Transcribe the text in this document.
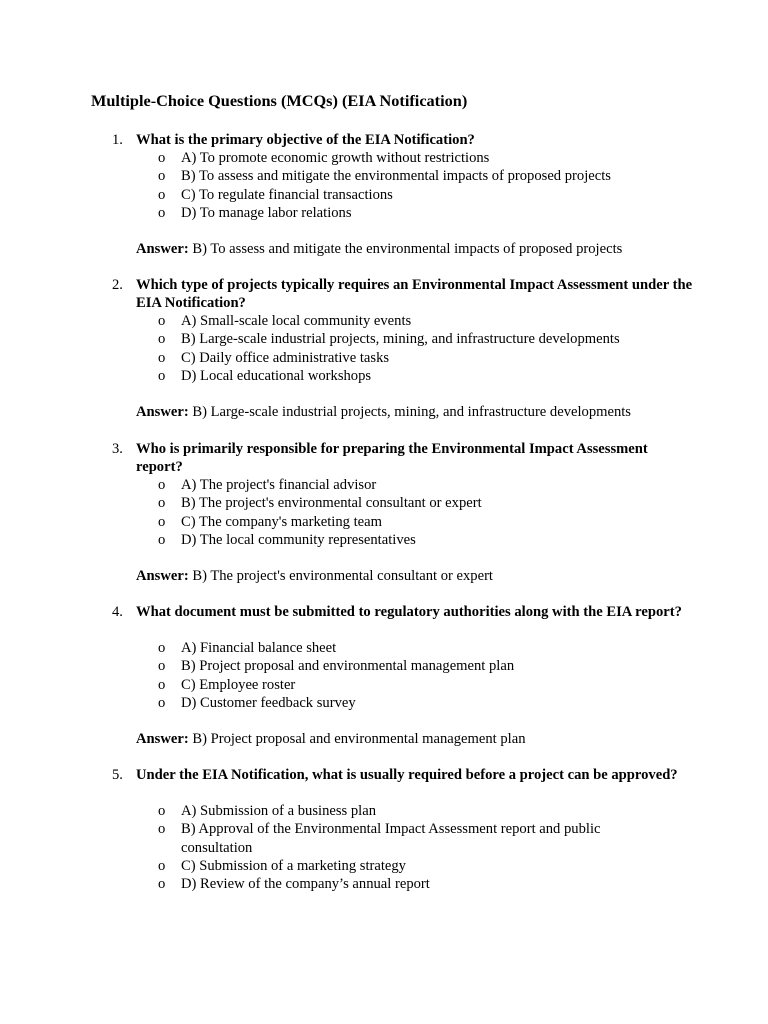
Multiple-Choice Questions (MCQs) (EIA Notification)
1. What is the primary objective of the EIA Notification?
o A) To promote economic growth without restrictions
o B) To assess and mitigate the environmental impacts of proposed projects
o C) To regulate financial transactions
o D) To manage labor relations
Answer: B) To assess and mitigate the environmental impacts of proposed projects
2. Which type of projects typically requires an Environmental Impact Assessment under the EIA Notification?
o A) Small-scale local community events
o B) Large-scale industrial projects, mining, and infrastructure developments
o C) Daily office administrative tasks
o D) Local educational workshops
Answer: B) Large-scale industrial projects, mining, and infrastructure developments
3. Who is primarily responsible for preparing the Environmental Impact Assessment report?
o A) The project's financial advisor
o B) The project's environmental consultant or expert
o C) The company's marketing team
o D) The local community representatives
Answer: B) The project's environmental consultant or expert
4. What document must be submitted to regulatory authorities along with the EIA report?
o A) Financial balance sheet
o B) Project proposal and environmental management plan
o C) Employee roster
o D) Customer feedback survey
Answer: B) Project proposal and environmental management plan
5. Under the EIA Notification, what is usually required before a project can be approved?
o A) Submission of a business plan
o B) Approval of the Environmental Impact Assessment report and public consultation
o C) Submission of a marketing strategy
o D) Review of the company’s annual report
